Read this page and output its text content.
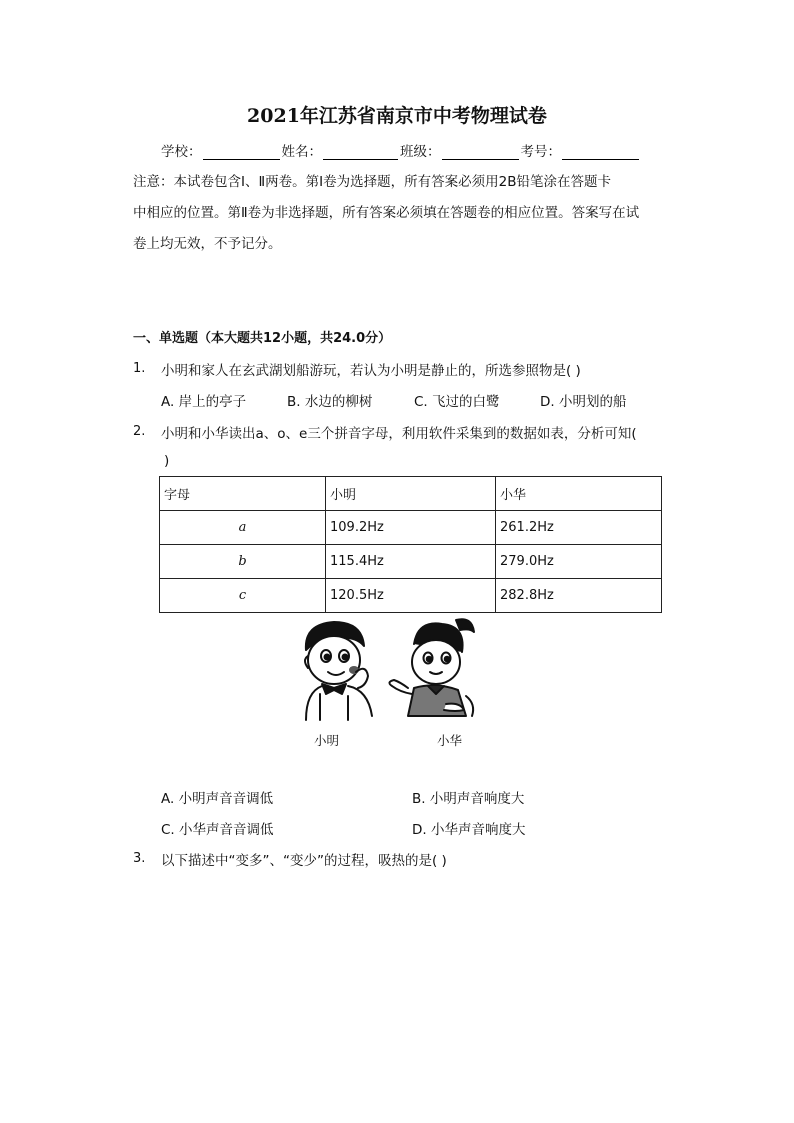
2021年江苏省南京市中考物理试卷
学校：	姓名：	班级：	考号：
注意：本试卷包含Ⅰ、Ⅱ两卷。第Ⅰ卷为选择题，所有答案必须用2B铅笔涂在答题卡
中相应的位置。第Ⅱ卷为非选择题，所有答案必须填在答题卷的相应位置。答案写在试
卷上均无效，不予记分。
一、单选题（本大题共12小题，共24.0分）
1. 小明和家人在玄武湖划船游玩，若认为小明是静止的，所选参照物是( )
A. 岸上的亭子	B. 水边的柳树	C. 飞过的白鹭	D. 小明划的船
2. 小明和小华读出a、o、e三个拼音字母，利用软件采集到的数据如表，分析可知(
)
字母	小明	小华
a	109.2Hz	261.2Hz
b	115.4Hz	279.0Hz
c	120.5Hz	282.8Hz
小明	小华
A. 小明声音音调低	B. 小明声音响度大
C. 小华声音音调低	D. 小华声音响度大
3. 以下描述中“变多”、“变少”的过程，吸热的是( )
